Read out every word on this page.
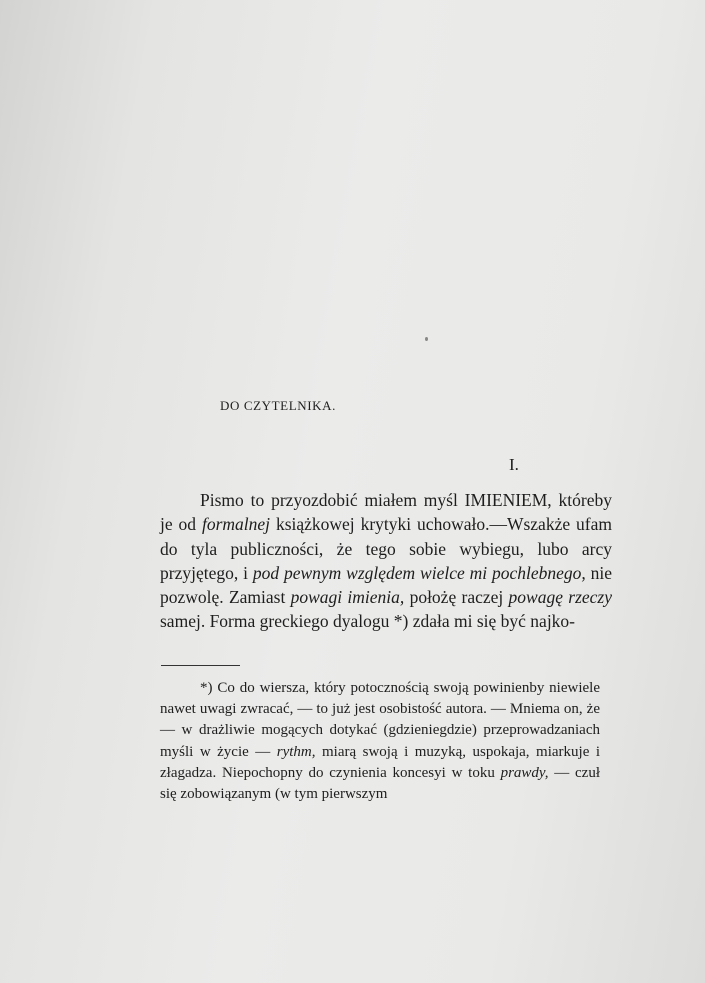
DO CZYTELNIKA.
I.

Pismo to przyozdobić miałem myśl IMIENIEM, któreby je od formalnej książkowej krytyki uchowało.—Wszakże ufam do tyla publiczności, że tego sobie wybiegu, lubo arcy przyjętego, i pod pewnym względem wielce mi pochlebnego, nie pozwolę. Zamiast powagi imienia, położę raczej powagę rzeczy samej. Forma greckiego dyalogu *) zdała mi się być najko-

*) Co do wiersza, który potocznością swoją powinienby niewiele nawet uwagi zwracać, — to już jest osobistość autora. — Mniema on, że — w drażliwie mogących dotykać (gdzieniegdzie) przeprowadzaniach myśli w życie — rythm, miarą swoją i muzyką, uspokaja, miarkuje i złagadza. Niepochopny do czynienia koncesyi w toku prawdy, — czuł się zobowiązanym (w tym pierwszym
